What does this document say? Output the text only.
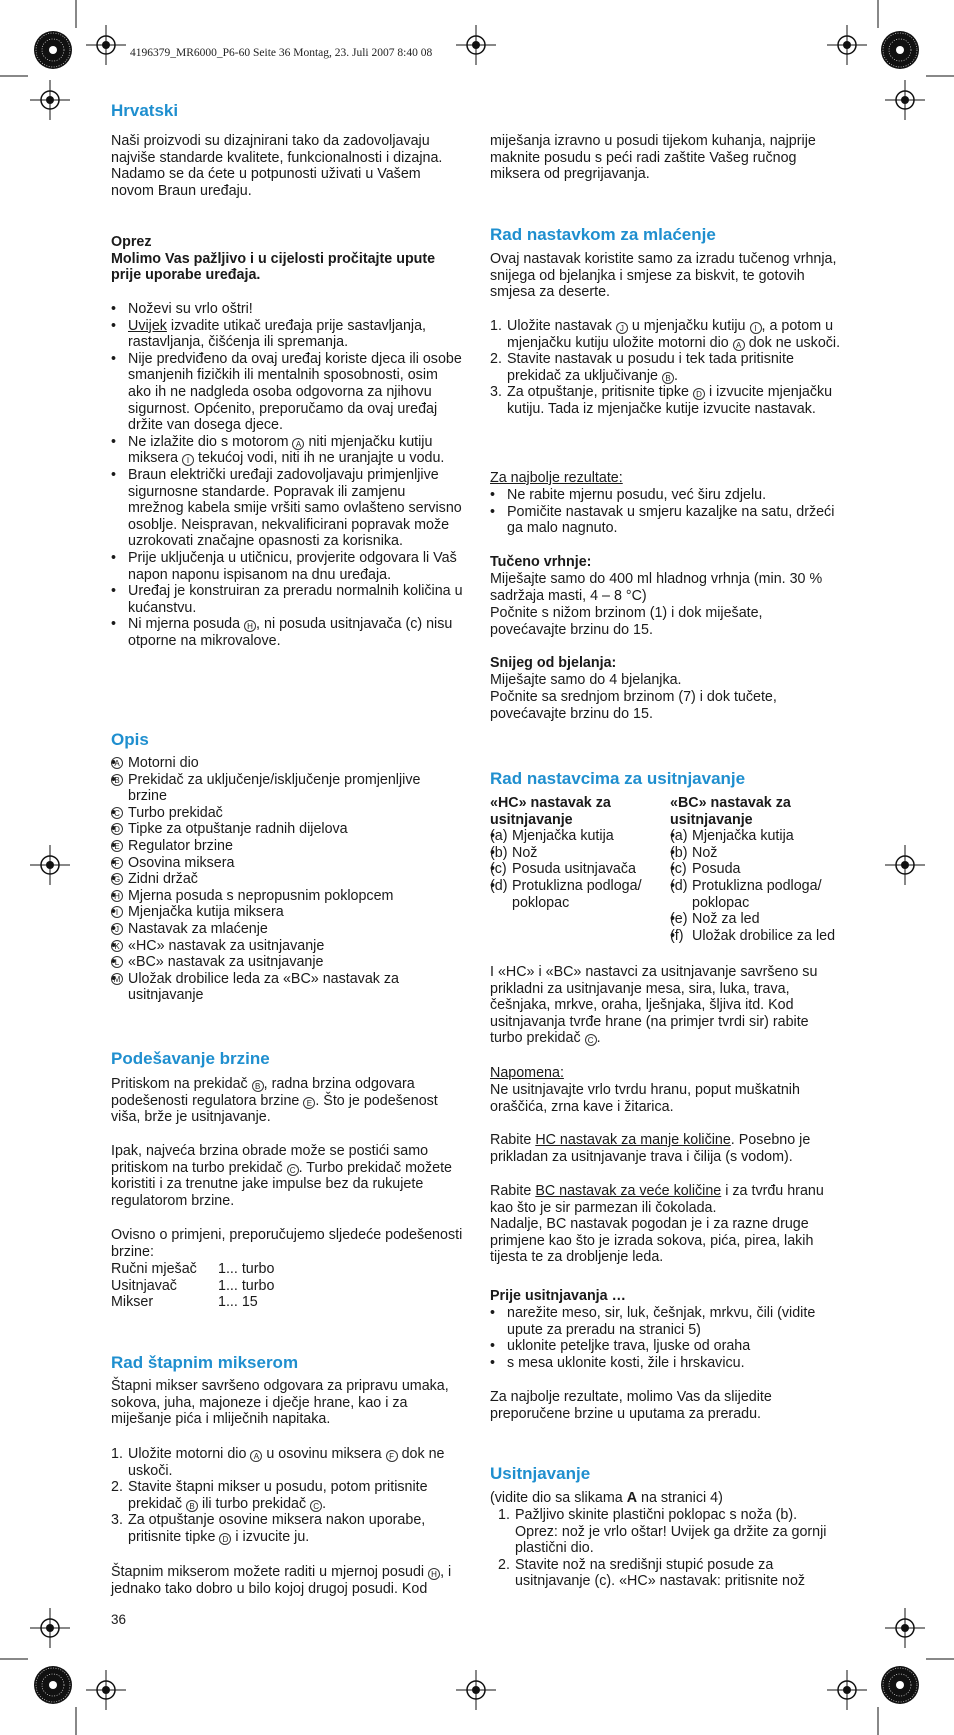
4196379_MR6000_P6-60 Seite 36 Montag, 23. Juli 2007 8:40 08
Hrvatski

Naši proizvodi su dizajnirani tako da zadovoljavaju najviše standarde kvalitete, funkcionalnosti i dizajna. Nadamo se da ćete u potpunosti uživati u Vašem novom Braun uređaju.

Oprez

Molimo Vas pažljivo i u cijelosti pročitajte upute prije uporabe uređaja.

• Noževi su vrlo oštri!
• Uvijek izvadite utikač uređaja prije sastavljanja, rastavljanja, čišćenja ili spremanja.
• Nije predviđeno da ovaj uređaj koriste djeca ili osobe smanjenih fizičkih ili mentalnih sposobnosti, osim ako ih ne nadgleda osoba odgovorna za njihovu sigurnost. Općenito, preporučamo da ovaj uređaj držite van dosega djece.
• Ne izlažite dio s motorom A niti mjenjačku kutiju miksera I tekućoj vodi, niti ih ne uranjajte u vodu.
• Braun električki uređaji zadovoljavaju primjenljive sigurnosne standarde. Popravak ili zamjenu mrežnog kabela smije vršiti samo ovlašteno servisno osoblje. Neispravan, nekvalificirani popravak može uzrokovati značajne opasnosti za korisnika.
• Prije uključenja u utičnicu, provjerite odgovara li Vaš napon naponu ispisanom na dnu uređaja.
• Uređaj je konstruiran za preradu normalnih količina u kućanstvu.
• Ni mjerna posuda H , ni posuda usitnjavača (c) nisu otporne na mikrovalove.
Opis
• A Motorni dio
• B Prekidač za uključenje/isključenje promjenljive brzine
• C Turbo prekidač
• D Tipke za otpuštanje radnih dijelova
• E Regulator brzine
• F Osovina miksera
• G Zidni držač
• H Mjerna posuda s nepropusnim poklopcem
• I Mjenjačka kutija miksera
• J Nastavak za mlaćenje
• K «HC» nastavak za usitnjavanje
• L «BC» nastavak za usitnjavanje
• M Uložak drobilice leda za «BC» nastavak za usitnjavanje
Podešavanje brzine

Pritiskom na prekidač B , radna brzina odgovara podešenosti regulatora brzine E . Što je podešenost viša, brže je usitnjavanje.

Ipak, najveća brzina obrade može se postići samo pritiskom na turbo prekidač C . Turbo prekidač možete koristiti i za trenutne jake impulse bez da rukujete regulatorom brzine.

Ovisno o primjeni, preporučujemo sljedeće podešenosti brzine:

Ručni mješač	1... turbo
Usitnjavač	1... turbo
Mikser	1... 15
Rad štapnim mikserom

Štapni mikser savršeno odgovara za pripravu umaka, sokova, juha, majoneze i dječje hrane, kao i za miješanje pića i mliječnih napitaka.

1. Uložite motorni dio A u osovinu miksera F dok ne uskoči.
2. Stavite štapni mikser u posudu, potom pritisnite prekidač B ili turbo prekidač C .
3. Za otpuštanje osovine miksera nakon uporabe, pritisnite tipke D i izvucite ju.

Štapnim mikserom možete raditi u mjernoj posudi H , i jednako tako dobro u bilo kojoj drugoj posudi. Kod

miješanja izravno u posudi tijekom kuhanja, najprije maknite posudu s peći radi zaštite Vašeg ručnog miksera od pregrijavanja.

Rad nastavkom za mlaćenje

Ovaj nastavak koristite samo za izradu tučenog vrhnja, snijega od bjelanjka i smjese za biskvit, te gotovih smjesa za deserte.

1. Uložite nastavak J u mjenjačku kutiju I , a potom u mjenjačku kutiju uložite motorni dio A dok ne uskoči.
2. Stavite nastavak u posudu i tek tada pritisnite prekidač za uključivanje B .
3. Za otpuštanje, pritisnite tipke D i izvucite mjenjačku kutiju. Tada iz mjenjačke kutije izvucite nastavak.

Za najbolje rezultate:

• Ne rabite mjernu posudu, već širu zdjelu.
• Pomičite nastavak u smjeru kazaljke na satu, držeći ga malo nagnuto.

Tučeno vrhnje:

Miješajte samo do 400 ml hladnog vrhnja (min. 30 % sadržaja masti, 4 – 8 °C)

Počnite s nižom brzinom (1) i dok miješate, povećavajte brzinu do 15.

Snijeg od bjelanja:

Miješajte samo do 4 bjelanjka.

Počnite sa srednjom brzinom (7) i dok tučete, povećavajte brzinu do 15.

Rad nastavcima za usitnjavanje

«HC» nastavak za usitnjavanje

• (a) Mjenjačka kutija
• (b) Nož
• (c) Posuda usitnjavača
• (d) Protuklizna podloga/ poklopac

«BC» nastavak za usitnjavanje

• (a) Mjenjačka kutija
• (b) Nož
• (c) Posuda
• (d) Protuklizna podloga/ poklopac
• (e) Nož za led
• (f) Uložak drobilice za led

I «HC» i «BC» nastavci za usitnjavanje savršeno su prikladni za usitnjavanje mesa, sira, luka, trava, češnjaka, mrkve, oraha, lješnjaka, šljiva itd. Kod usitnjavanja tvrđe hrane (na primjer tvrdi sir) rabite turbo prekidač C .

Napomena:

Ne usitnjavajte vrlo tvrdu hranu, poput muškatnih oraščića, zrna kave i žitarica.

Rabite HC nastavak za manje količine. Posebno je prikladan za usitnjavanje trava i čilija (s vodom).

Rabite BC nastavak za veće količine i za tvrđu hranu kao što je sir parmezan ili čokolada.
Nadalje, BC nastavak pogodan je i za razne druge primjene kao što je izrada sokova, pića, pirea, lakih tijesta te za drobljenje leda.

Prije usitnjavanja …

• narežite meso, sir, luk, češnjak, mrkvu, čili (vidite upute za preradu na stranici 5)
• uklonite peteljke trava, ljuske od oraha
• s mesa uklonite kosti, žile i hrskavicu.

Za najbolje rezultate, molimo Vas da slijedite preporučene brzine u uputama za preradu.

Usitnjavanje

(vidite dio sa slikama A na stranici 4)

1. Pažljivo skinite plastični poklopac s noža (b). Oprez: nož je vrlo oštar! Uvijek ga držite za gornji plastični dio.
2. Stavite nož na središnji stupić posude za usitnjavanje (c). «HC» nastavak: pritisnite nož
36
